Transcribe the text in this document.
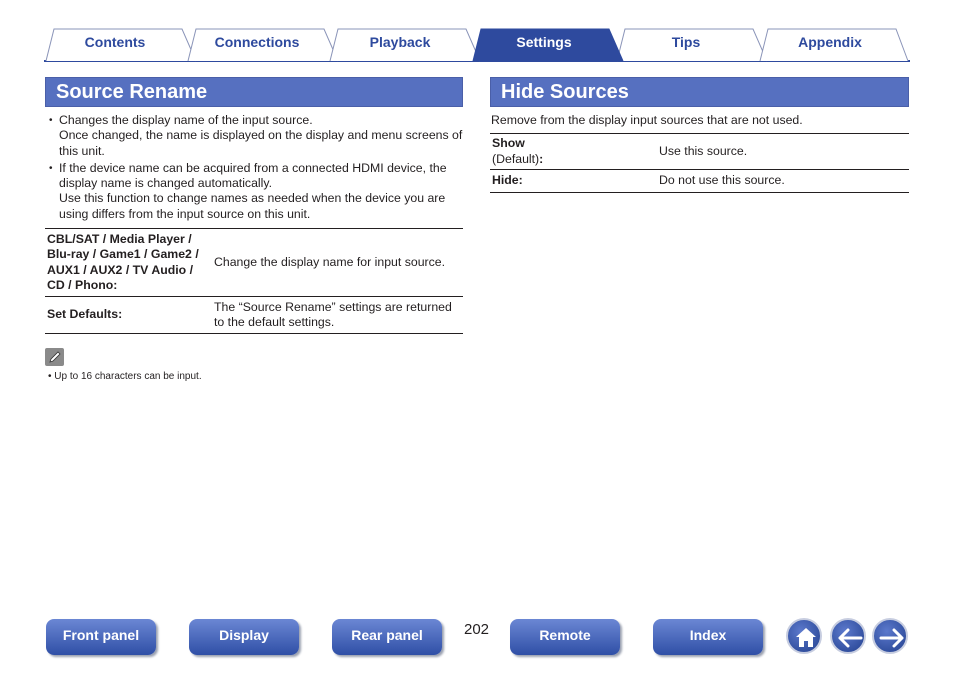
Contents	Connections	Playback	Settings	Tips	Appendix
Source Rename
• Changes the display name of the input source.
Once changed, the name is displayed on the display and menu screens of this unit.
• If the device name can be acquired from a connected HDMI device, the display name is changed automatically.
Use this function to change names as needed when the device you are using differs from the input source on this unit.
CBL/SAT / Media Player / Blu-ray / Game1 / Game2 / AUX1 / AUX2 / TV Audio / CD / Phono:	Change the display name for input source.
Set Defaults:	The “Source Rename” settings are returned to the default settings.
• Up to 16 characters can be input.
Hide Sources
Remove from the display input sources that are not used.
Show
(Default):	Use this source.
Hide:	Do not use this source.
Front panel	Display	Rear panel	202	Remote	Index
